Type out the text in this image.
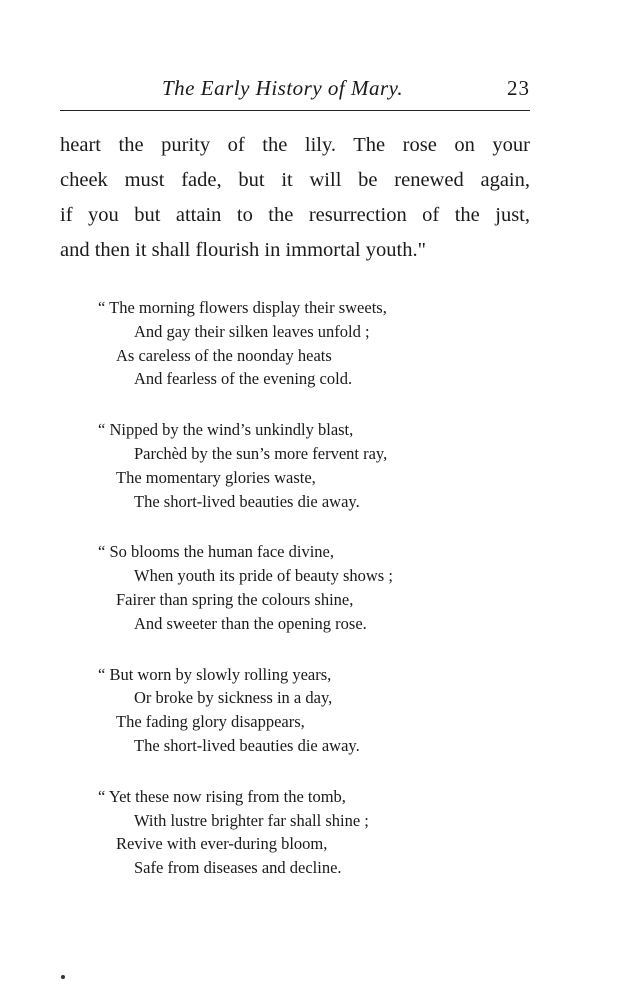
The Early History of Mary.	23
heart the purity of the lily. The rose on your
cheek must fade, but it will be renewed again,
if you but attain to the resurrection of the just,
and then it shall flourish in immortal youth."
“ The morning flowers display their sweets,
And gay their silken leaves unfold ;
As careless of the noonday heats
And fearless of the evening cold.
“ Nipped by the wind’s unkindly blast,
Parchèd by the sun’s more fervent ray,
The momentary glories waste,
The short-lived beauties die away.
“ So blooms the human face divine,
When youth its pride of beauty shows ;
Fairer than spring the colours shine,
And sweeter than the opening rose.
“ But worn by slowly rolling years,
Or broke by sickness in a day,
The fading glory disappears,
The short-lived beauties die away.
“ Yet these now rising from the tomb,
With lustre brighter far shall shine ;
Revive with ever-during bloom,
Safe from diseases and decline.
